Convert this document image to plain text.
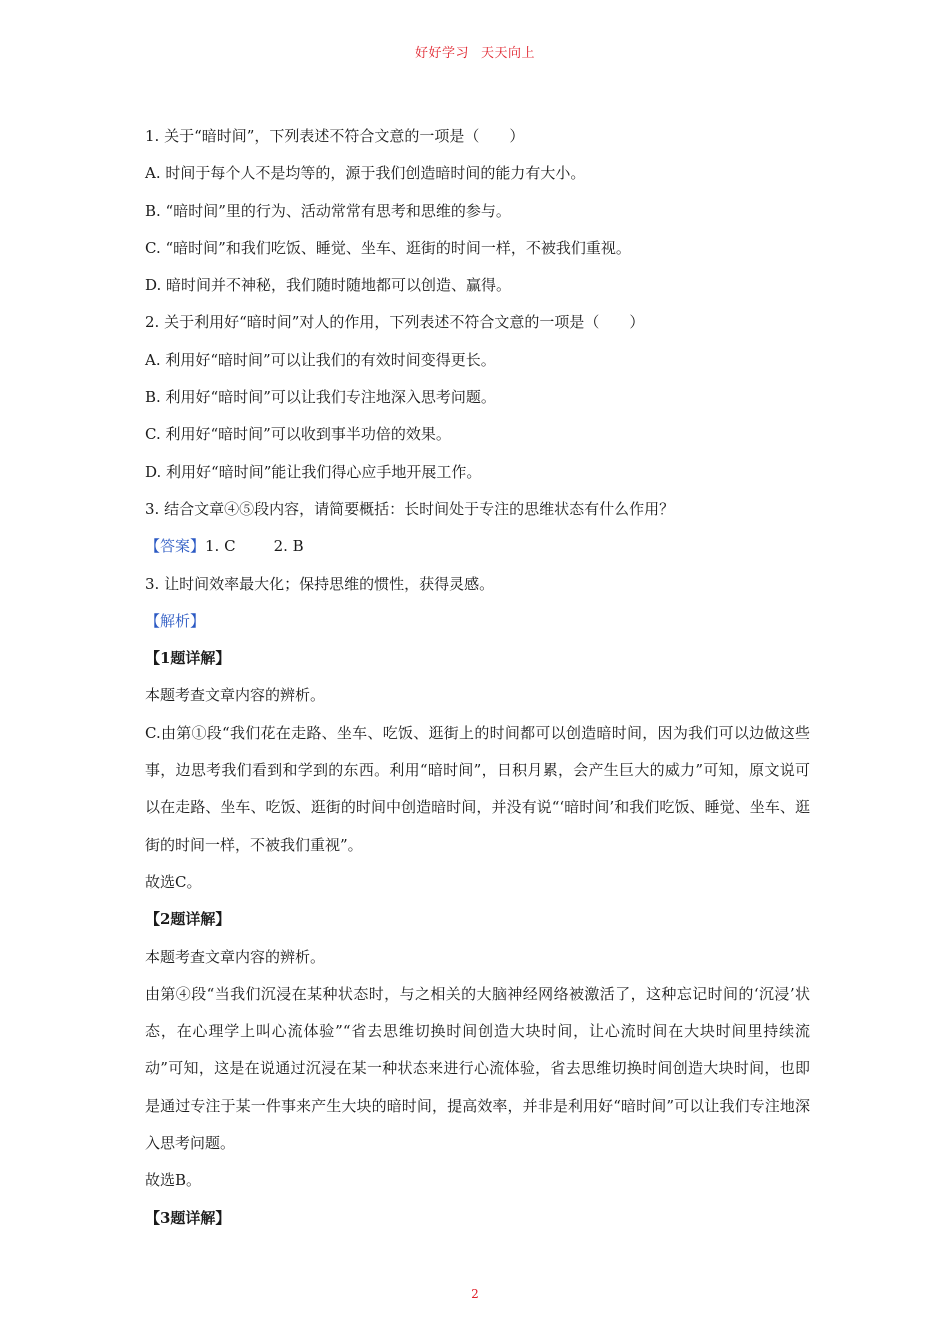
好好学习 天天向上
1. 关于“暗时间”，下列表述不符合文意的一项是（　　）
A. 时间于每个人不是均等的，源于我们创造暗时间的能力有大小。
B. “暗时间”里的行为、活动常常有思考和思维的参与。
C. “暗时间”和我们吃饭、睡觉、坐车、逛街的时间一样，不被我们重视。
D. 暗时间并不神秘，我们随时随地都可以创造、赢得。
2. 关于利用好“暗时间”对人的作用，下列表述不符合文意的一项是（　　）
A. 利用好“暗时间”可以让我们的有效时间变得更长。
B. 利用好“暗时间”可以让我们专注地深入思考问题。
C. 利用好“暗时间”可以收到事半功倍的效果。
D. 利用好“暗时间”能让我们得心应手地开展工作。
3. 结合文章④⑤段内容，请简要概括：长时间处于专注的思维状态有什么作用？
【答案】1. C	2. B
3. 让时间效率最大化；保持思维的惯性，获得灵感。
【解析】
【1题详解】
本题考查文章内容的辨析。
C.由第①段“我们花在走路、坐车、吃饭、逛街上的时间都可以创造暗时间，因为我们可以边做这些事，边思考我们看到和学到的东西。利用“暗时间”，日积月累，会产生巨大的威力”可知，原文说可以在走路、坐车、吃饭、逛街的时间中创造暗时间，并没有说“‘暗时间’和我们吃饭、睡觉、坐车、逛街的时间一样，不被我们重视”。
故选C。
【2题详解】
本题考查文章内容的辨析。
由第④段“当我们沉浸在某种状态时，与之相关的大脑神经网络被激活了，这种忘记时间的‘沉浸’状态，在心理学上叫心流体验”“省去思维切换时间创造大块时间，让心流时间在大块时间里持续流动”可知，这是在说通过沉浸在某一种状态来进行心流体验，省去思维切换时间创造大块时间，也即是通过专注于某一件事来产生大块的暗时间，提高效率，并非是利用好“暗时间”可以让我们专注地深入思考问题。
故选B。
【3题详解】
2
